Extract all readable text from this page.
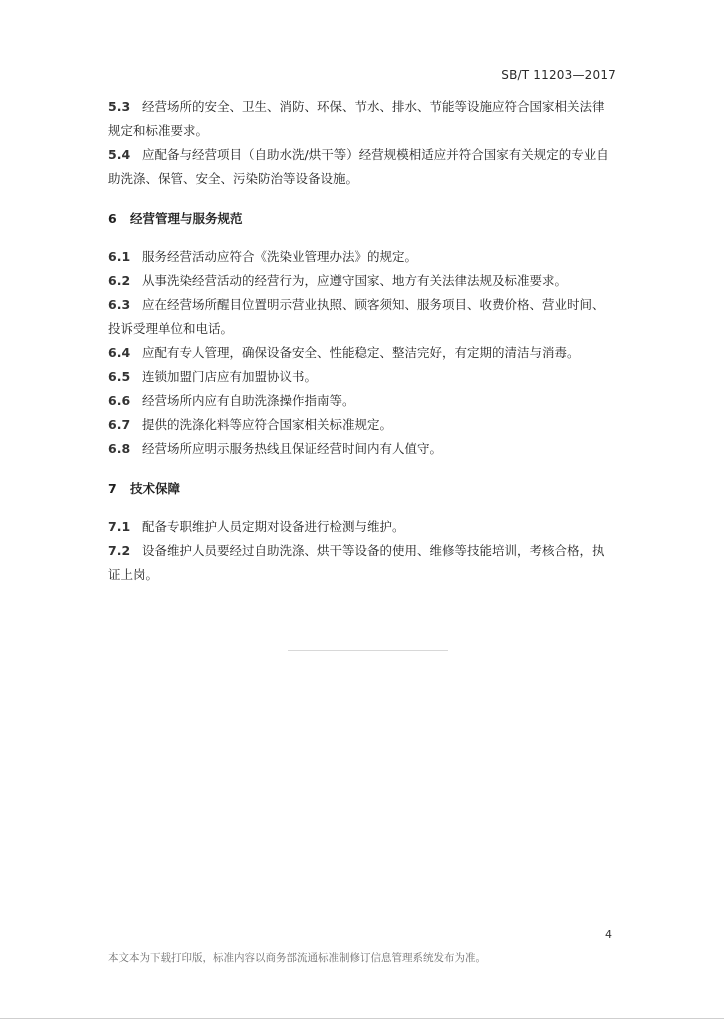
SB/T 11203—2017

5.3 经营场所的安全、卫生、消防、环保、节水、排水、节能等设施应符合国家相关法律
规定和标准要求。

5.4 应配备与经营项目（自助水洗/烘干等）经营规模相适应并符合国家有关规定的专业自
助洗涤、保管、安全、污染防治等设备设施。

6 经营管理与服务规范

6.1 服务经营活动应符合《洗染业管理办法》的规定。

6.2 从事洗染经营活动的经营行为，应遵守国家、地方有关法律法规及标准要求。

6.3 应在经营场所醒目位置明示营业执照、顾客须知、服务项目、收费价格、营业时间、
投诉受理单位和电话。

6.4 应配有专人管理，确保设备安全、性能稳定、整洁完好，有定期的清洁与消毒。

6.5 连锁加盟门店应有加盟协议书。

6.6 经营场所内应有自助洗涤操作指南等。

6.7 提供的洗涤化料等应符合国家相关标准规定。

6.8 经营场所应明示服务热线且保证经营时间内有人值守。

7 技术保障

7.1 配备专职维护人员定期对设备进行检测与维护。

7.2 设备维护人员要经过自助洗涤、烘干等设备的使用、维修等技能培训，考核合格，执
证上岗。

4
本文本为下载打印版，标准内容以商务部流通标准制修订信息管理系统发布为准。
